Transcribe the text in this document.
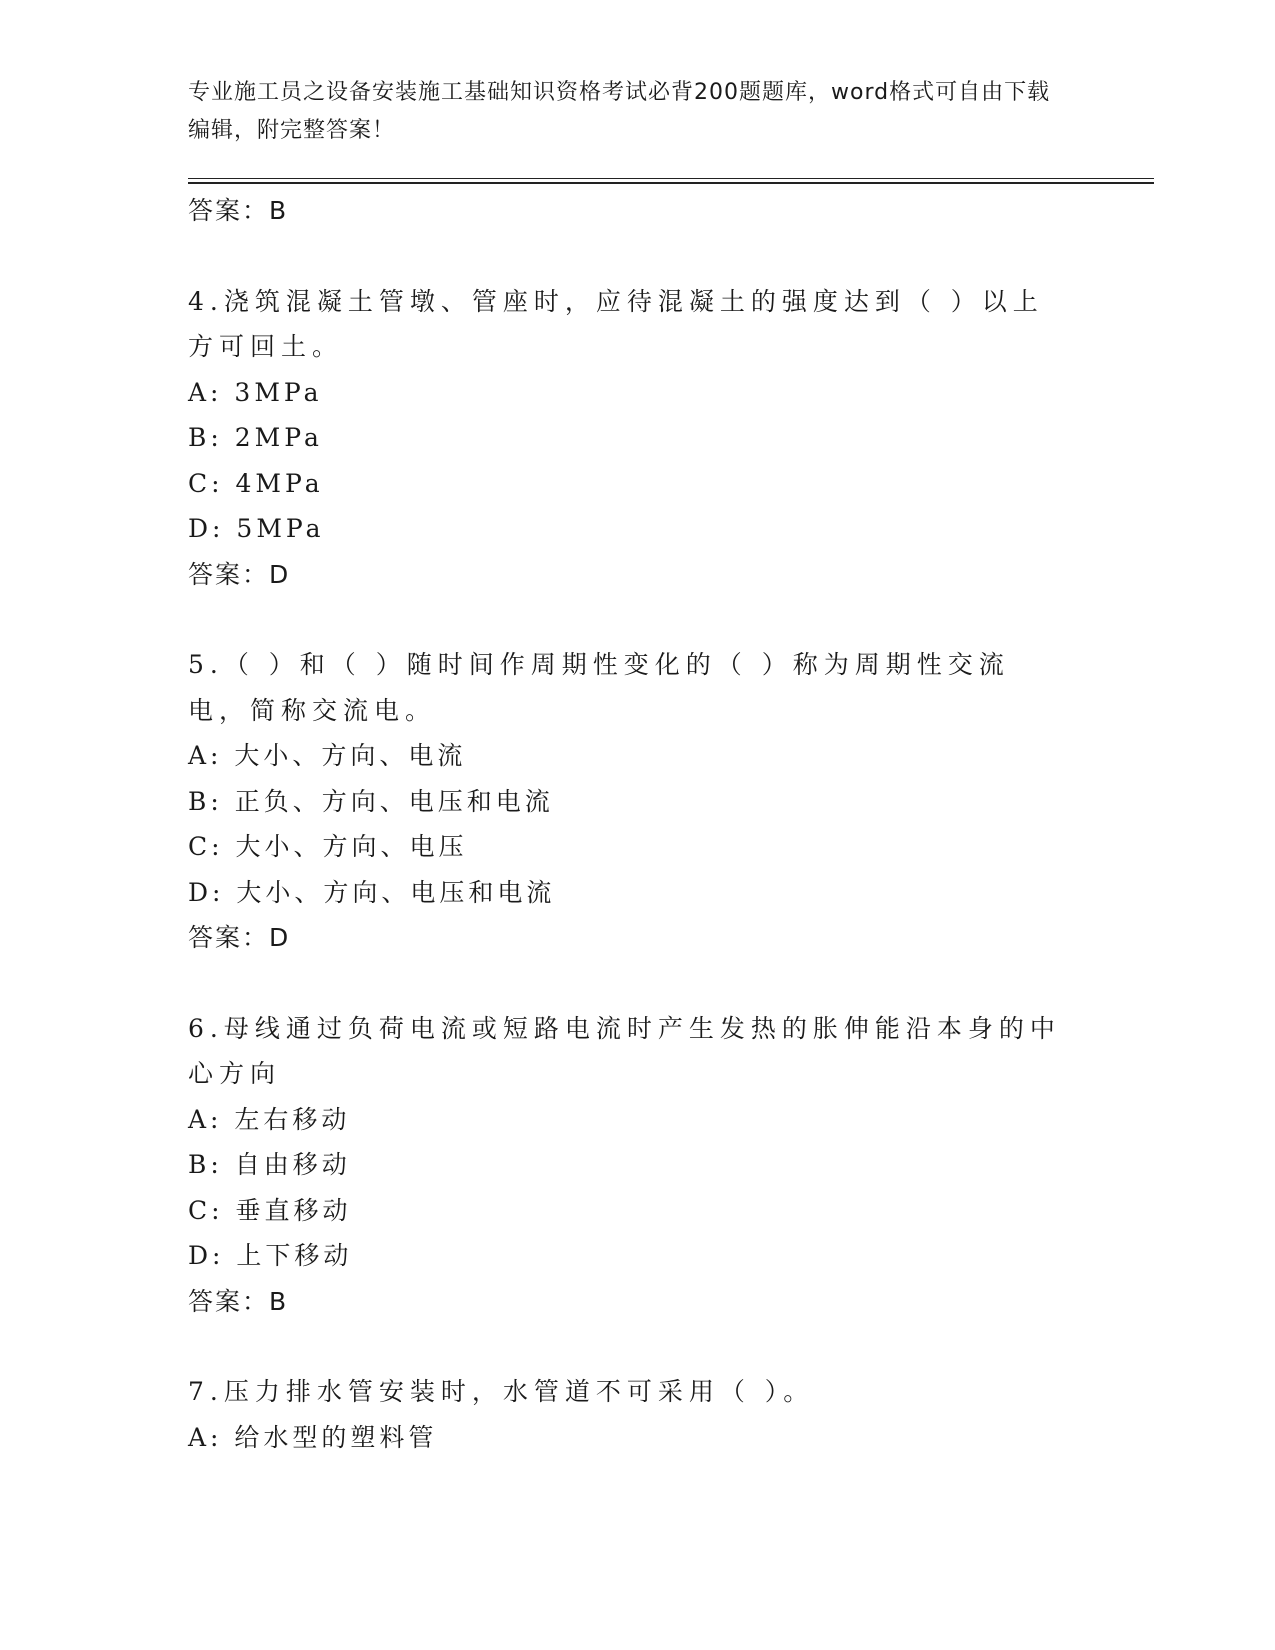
专业施工员之设备安装施工基础知识资格考试必背200题题库，word格式可自由下载编辑，附完整答案！
答案：B
4.浇筑混凝土管墩、管座时，应待混凝土的强度达到（ ）以上方可回土。
A: 3MPa
B: 2MPa
C: 4MPa
D: 5MPa
答案：D
5.（ ）和（ ）随时间作周期性变化的（ ）称为周期性交流电，简称交流电。
A: 大小、方向、电流
B: 正负、方向、电压和电流
C: 大小、方向、电压
D: 大小、方向、电压和电流
答案：D
6.母线通过负荷电流或短路电流时产生发热的胀伸能沿本身的中心方向
A: 左右移动
B: 自由移动
C: 垂直移动
D: 上下移动
答案：B
7.压力排水管安装时，水管道不可采用（ ）。
A: 给水型的塑料管
